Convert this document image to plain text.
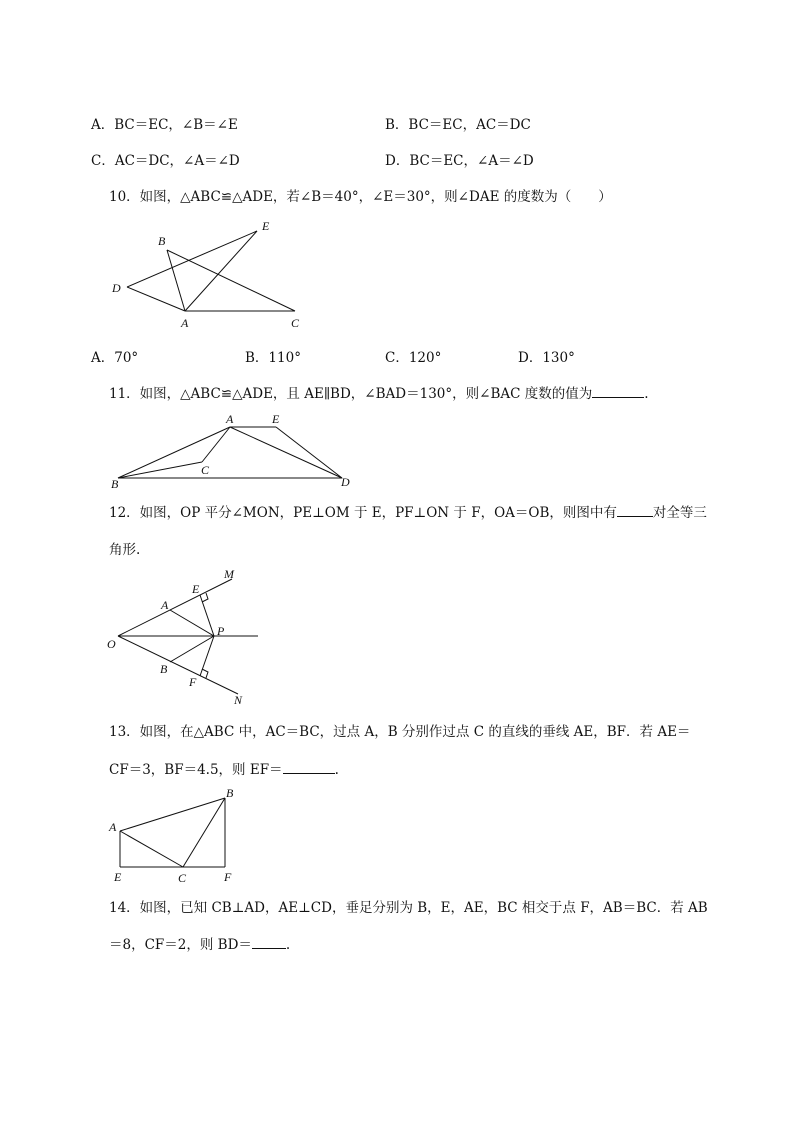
A．BC＝EC，∠B＝∠E	B．BC＝EC，AC＝DC
C．AC＝DC，∠A＝∠D	D．BC＝EC，∠A＝∠D
10．如图，△ABC≌△ADE，若∠B＝40°，∠E＝30°，则∠DAE 的度数为（　　）
B
E
D
A	C
A．70°	B．110°	C．120°	D．130°
11．如图，△ABC≌△ADE，且 AE∥BD，∠BAD＝130°，则∠BAC 度数的值为	.
A	E
C
B	D
12．如图，OP 平分∠MON，PE⊥OM 于 E，PF⊥ON 于 F，OA＝OB，则图中有	对全等三
角形.
M
E
A
O
P
B
F
N
13．如图，在△ABC 中，AC＝BC，过点 A，B 分别作过点 C 的直线的垂线 AE，BF．若 AE＝
CF＝3，BF＝4.5，则 EF＝	.
B
A
E	C	F
14．如图，已知 CB⊥AD，AE⊥CD，垂足分别为 B，E，AE，BC 相交于点 F，AB＝BC．若 AB
＝8，CF＝2，则 BD＝	.
